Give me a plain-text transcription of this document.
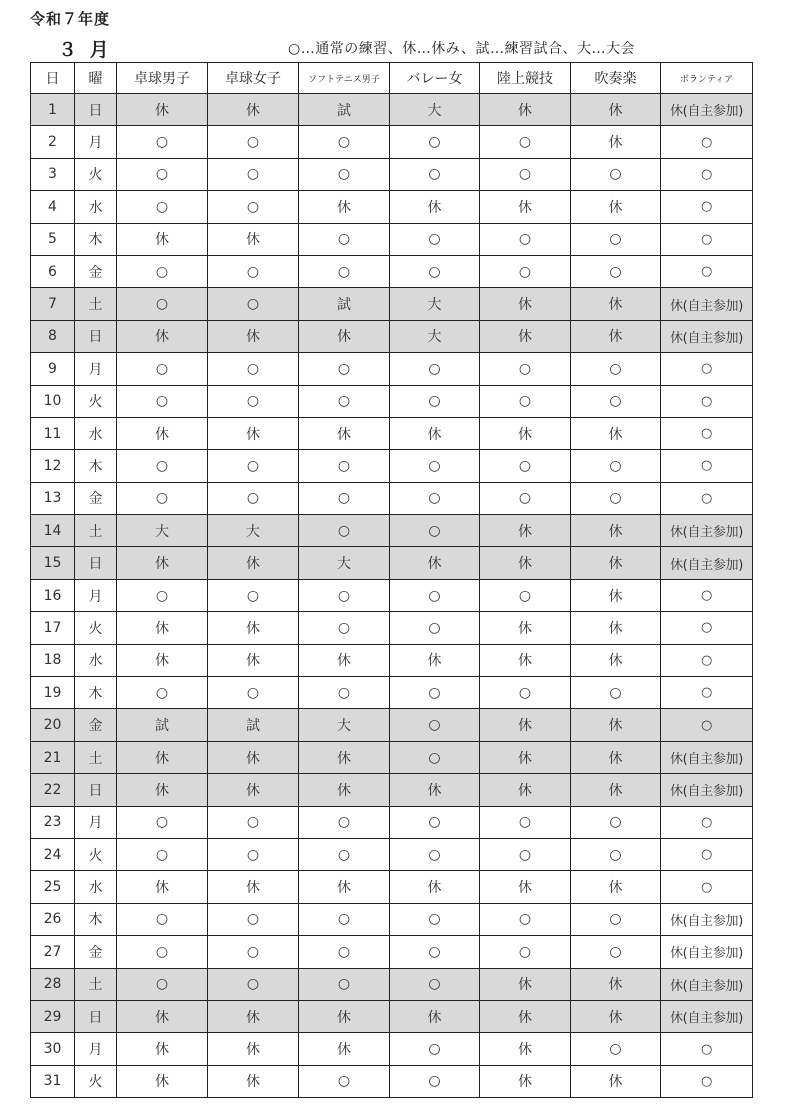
令和７年度
３ 月	○…通常の練習、休…休み、試…練習試合、大…大会
日	曜	卓球男子	卓球女子	ソフトテニス男子	バレー女	陸上競技	吹奏楽	ボランティア
1	日	休	休	試	大	休	休	休(自主参加)
2	月	○	○	○	○	○	休	○
3	火	○	○	○	○	○	○	○
4	水	○	○	休	休	休	休	○
5	木	休	休	○	○	○	○	○
6	金	○	○	○	○	○	○	○
7	土	○	○	試	大	休	休	休(自主参加)
8	日	休	休	休	大	休	休	休(自主参加)
9	月	○	○	○	○	○	○	○
10	火	○	○	○	○	○	○	○
11	水	休	休	休	休	休	休	○
12	木	○	○	○	○	○	○	○
13	金	○	○	○	○	○	○	○
14	土	大	大	○	○	休	休	休(自主参加)
15	日	休	休	大	休	休	休	休(自主参加)
16	月	○	○	○	○	○	休	○
17	火	休	休	○	○	休	休	○
18	水	休	休	休	休	休	休	○
19	木	○	○	○	○	○	○	○
20	金	試	試	大	○	休	休	○
21	土	休	休	休	○	休	休	休(自主参加)
22	日	休	休	休	休	休	休	休(自主参加)
23	月	○	○	○	○	○	○	○
24	火	○	○	○	○	○	○	○
25	水	休	休	休	休	休	休	○
26	木	○	○	○	○	○	○	休(自主参加)
27	金	○	○	○	○	○	○	休(自主参加)
28	土	○	○	○	○	休	休	休(自主参加)
29	日	休	休	休	休	休	休	休(自主参加)
30	月	休	休	休	○	休	○	○
31	火	休	休	○	○	休	休	○
